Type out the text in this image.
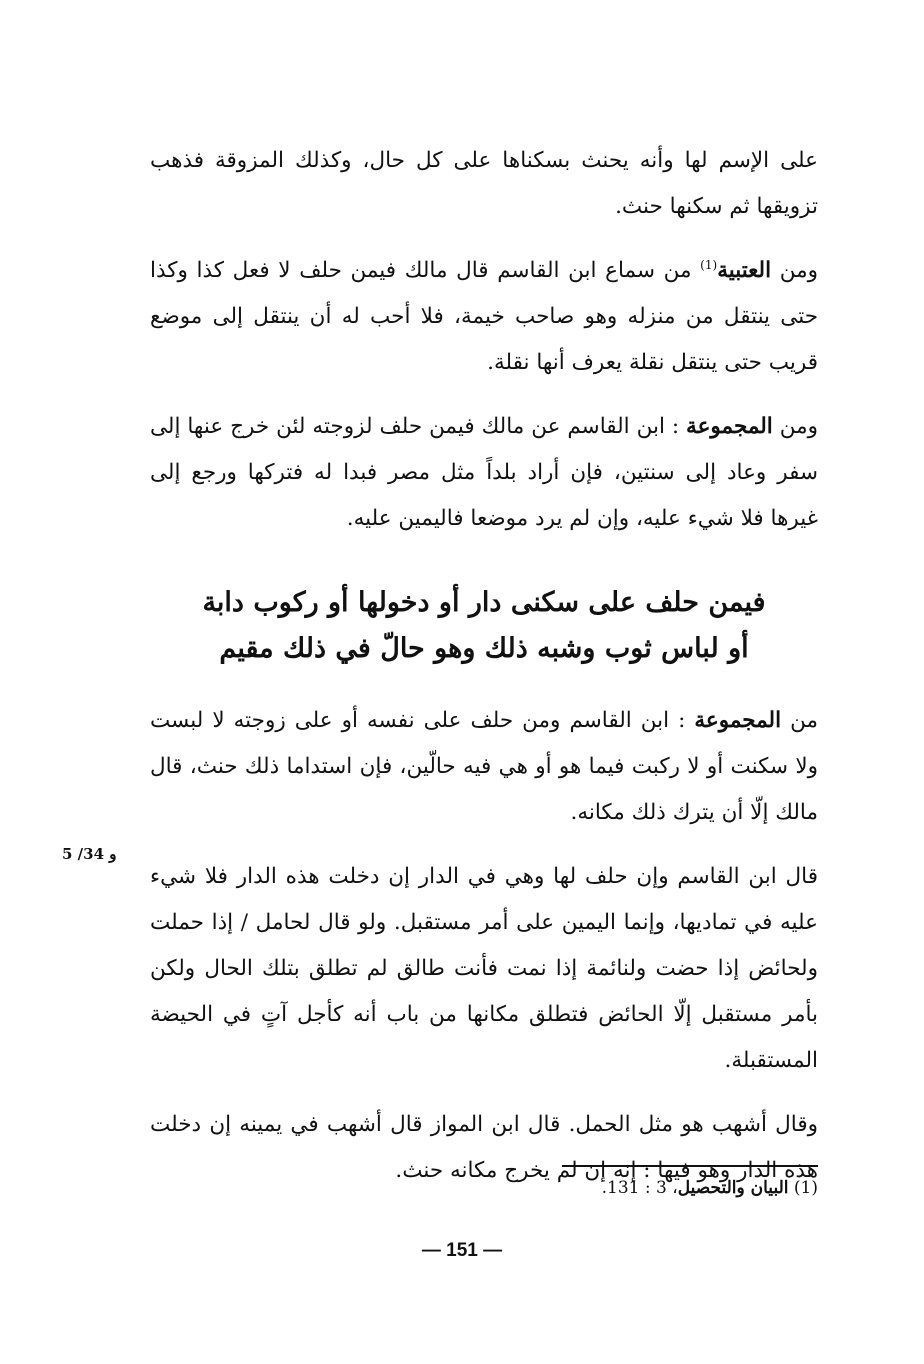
على الإسم لها وأنه يحنث بسكناها على كل حال، وكذلك المزوقة فذهب تزويقها ثم سكنها حنث.

ومن العتبية$^{(1)}$ من سماع ابن القاسم قال مالك فيمن حلف لا فعل كذا وكذا حتى ينتقل من منزله وهو صاحب خيمة، فلا أحب له أن ينتقل إلى موضع قريب حتى ينتقل نقلة يعرف أنها نقلة.

ومن المجموعة : ابن القاسم عن مالك فيمن حلف لزوجته لئن خرج عنها إلى سفر وعاد إلى سنتين، فإن أراد بلداً مثل مصر فبدا له فتركها ورجع إلى غيرها فلا شيء عليه، وإن لم يرد موضعا فاليمين عليه.

فيمن حلف على سكنى دار أو دخولها أو ركوب دابة
أو لباس ثوب وشبه ذلك وهو حالّ في ذلك مقيم

من المجموعة : ابن القاسم ومن حلف على نفسه أو على زوجته لا لبست ولا سكنت أو لا ركبت فيما هو أو هي فيه حالّين، فإن استداما ذلك حنث، قال مالك إلّا أن يترك ذلك مكانه.

قال ابن القاسم وإن حلف لها وهي في الدار إن دخلت هذه الدار فلا شيء عليه في تماديها، وإنما اليمين على أمر مستقبل. ولو قال لحامل / إذا حملت ولحائض إذا حضت ولنائمة إذا نمت فأنت طالق لم تطلق بتلك الحال ولكن بأمر مستقبل إلّا الحائض فتطلق مكانها من باب أنه كأجل آتٍ في الحيضة المستقبلة.

وقال أشهب هو مثل الحمل. قال ابن المواز قال أشهب في يمينه إن دخلت هذه الدار وهو فيها : إنه إن لم يخرج مكانه حنث.

5 /34 و
(1) البيان والتحصيل، 3 : 131.
— 151 —
